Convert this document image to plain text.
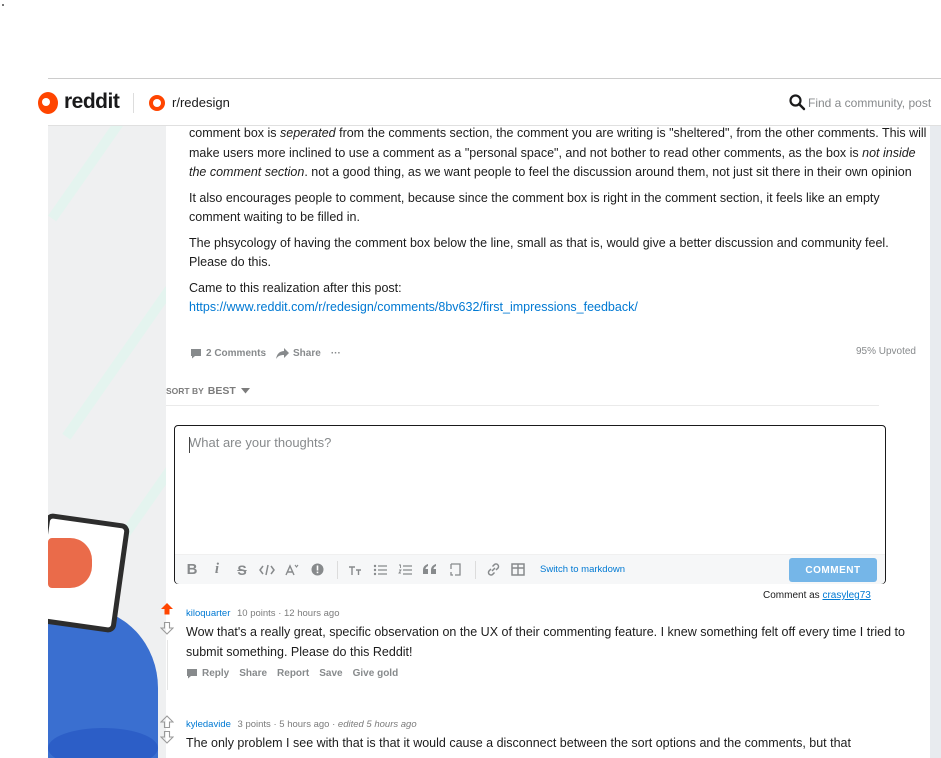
reddit	r/redesign
Find a community, post

comment box is seperated from the comments section, the comment you are writing is "sheltered", from the other comments. This will make users more inclined to use a comment as a "personal space", and not bother to read other comments, as the box is not inside the comment section. not a good thing, as we want people to feel the discussion around them, not just sit there in their own opinion

It also encourages people to comment, because since the comment box is right in the comment section, it feels like an empty comment waiting to be filled in.

The phsycology of having the comment box below the line, small as that is, would give a better discussion and community feel. Please do this.

Came to this realization after this post:
https://www.reddit.com/r/redesign/comments/8bv632/first_impressions_feedback/

2 Comments	Share ···	95% Upvoted
SORT BY BEST
What are your thoughts?
B i S	Switch to markdown	COMMENT
Comment as crasyleg73
kiloquarter 10 points · 12 hours ago
Wow that's a really great, specific observation on the UX of their commenting feature. I knew something felt off every time I tried to submit something. Please do this Reddit!
Reply Share Report Save Give gold
kyledavide 3 points · 5 hours ago · edited 5 hours ago
The only problem I see with that is that it would cause a disconnect between the sort options and the comments, but that
